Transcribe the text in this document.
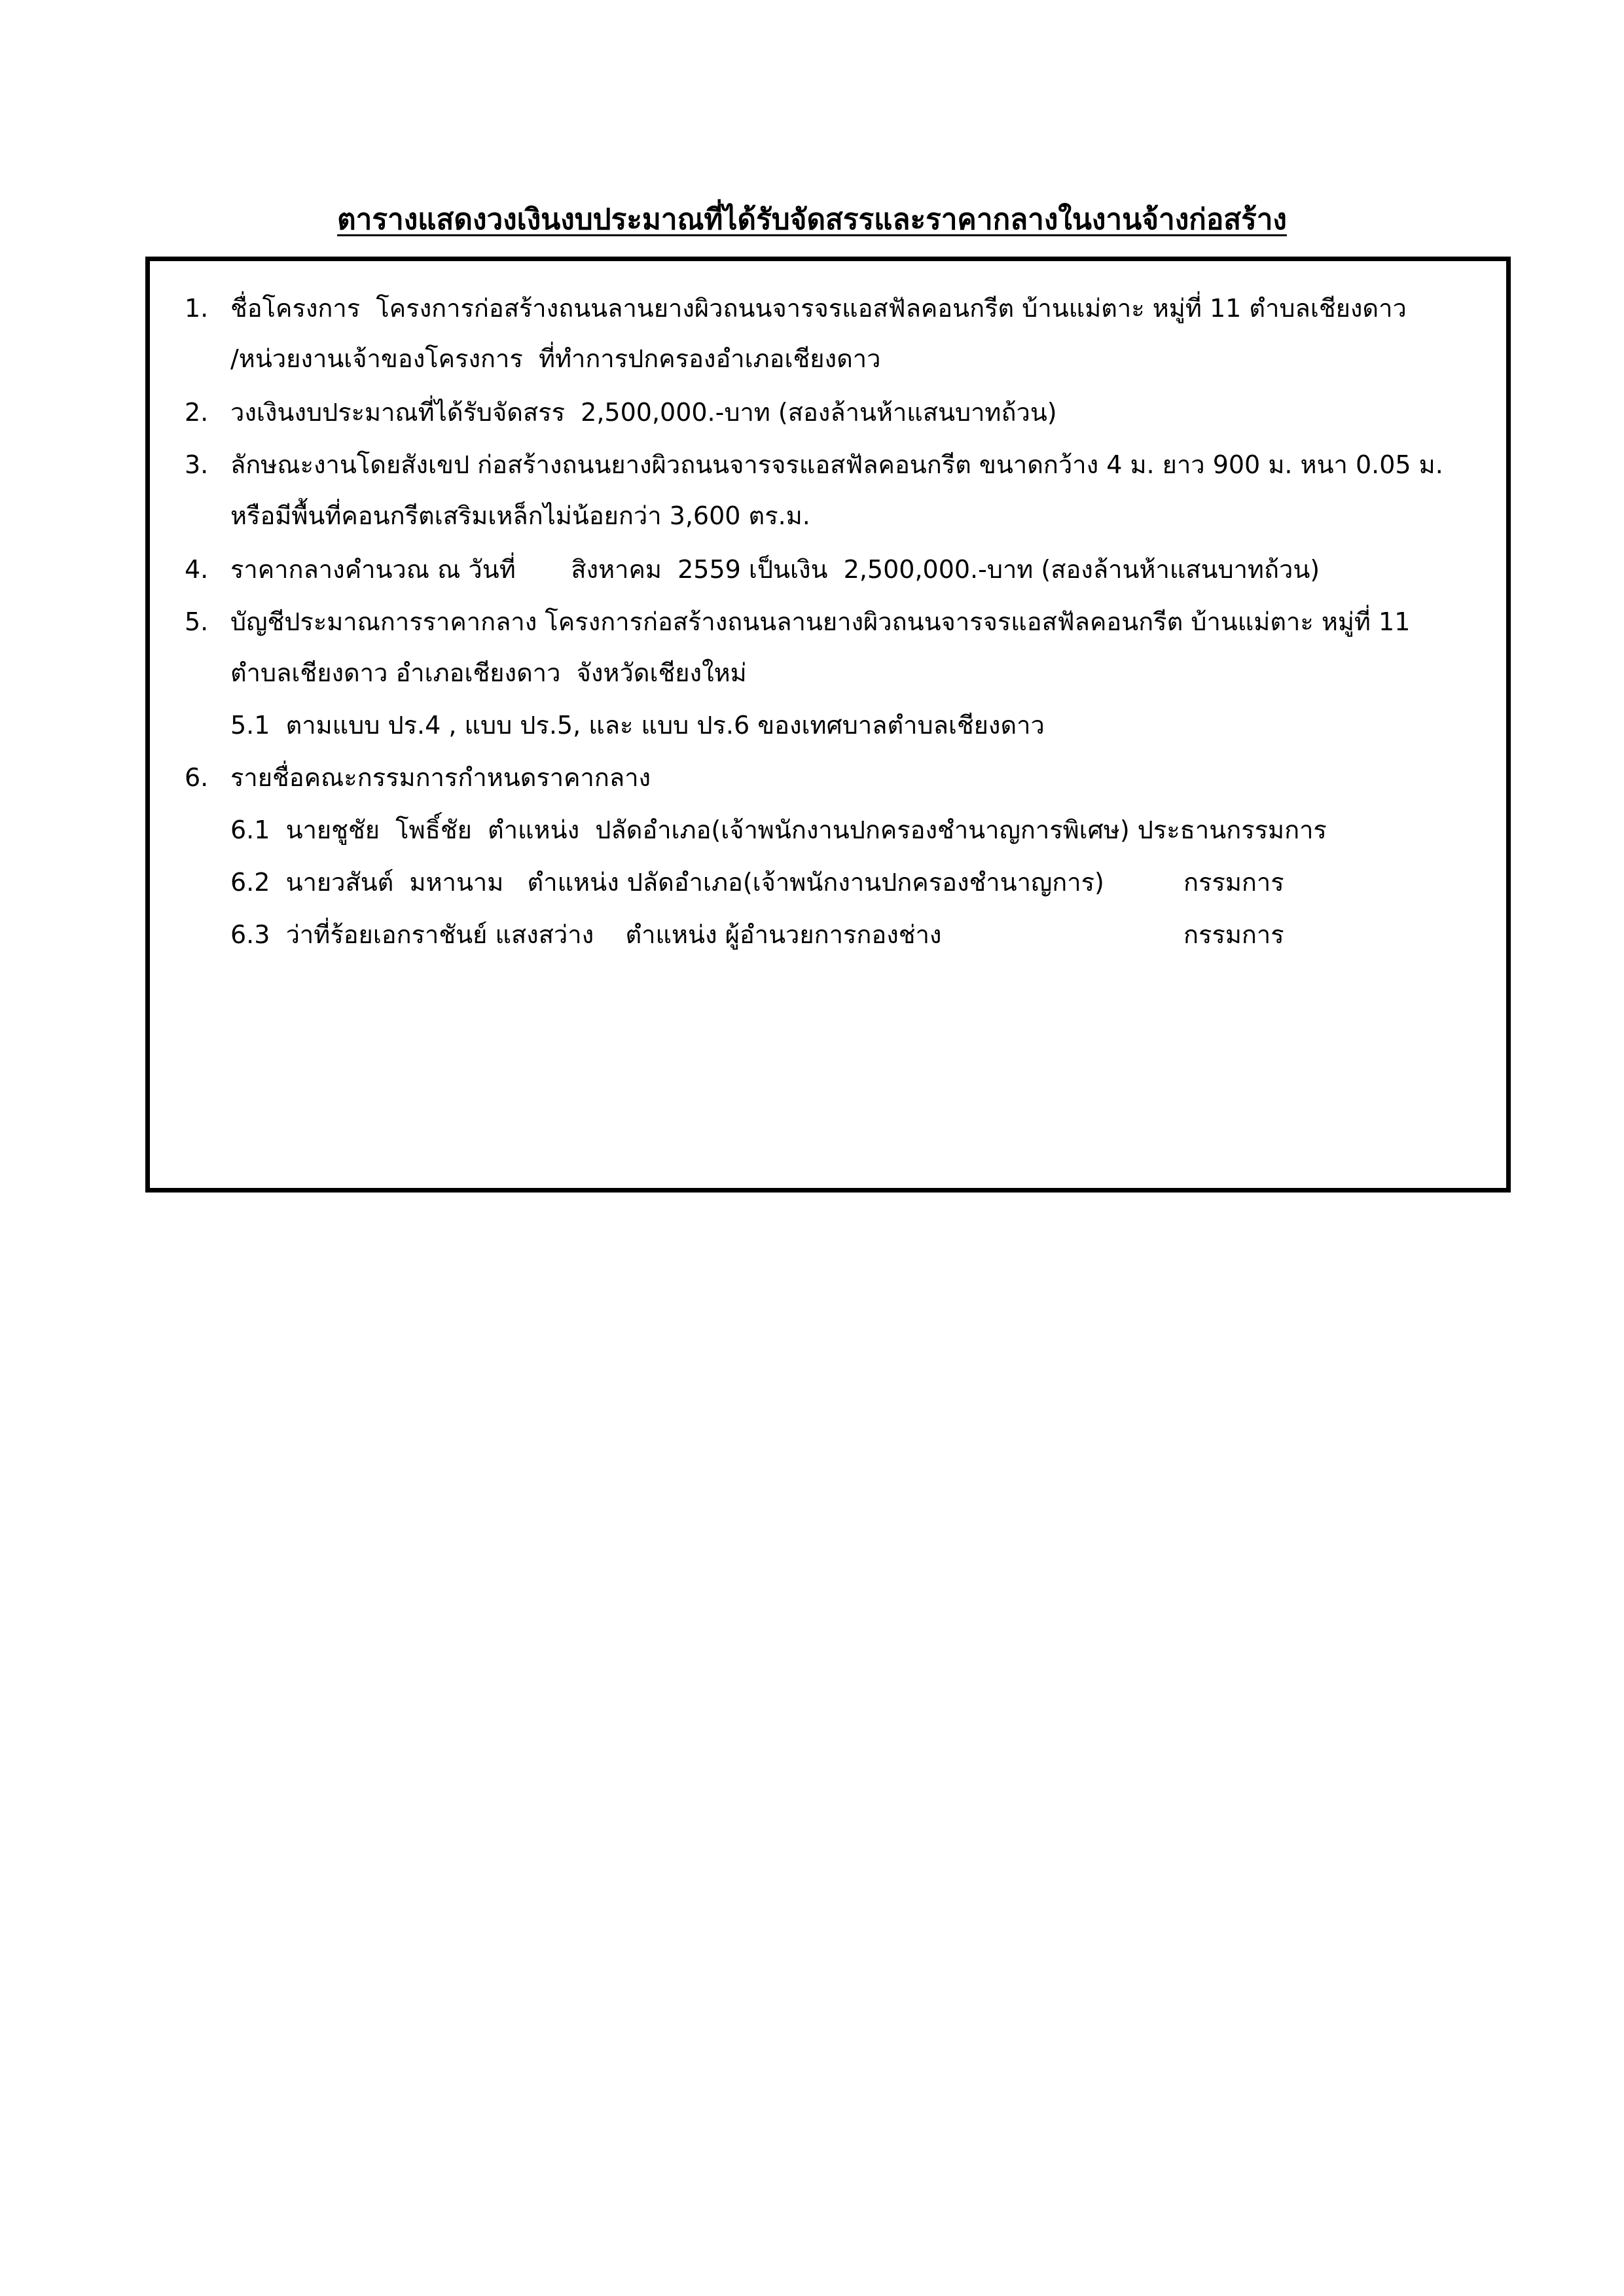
ตารางแสดงวงเงินงบประมาณที่ได้รับจัดสรรและราคากลางในงานจ้างก่อสร้าง
1. ชื่อโครงการ  โครงการก่อสร้างถนนลานยางผิวถนนจารจรแอสฟัลคอนกรีต บ้านแม่ตาะ หมู่ที่ 11 ตำบลเชียงดาว
/หน่วยงานเจ้าของโครงการ  ที่ทำการปกครองอำเภอเชียงดาว
2. วงเงินงบประมาณที่ได้รับจัดสรร  2,500,000.-บาท (สองล้านห้าแสนบาทถ้วน)
3. ลักษณะงานโดยสังเขป ก่อสร้างถนนยางผิวถนนจารจรแอสฟัลคอนกรีต ขนาดกว้าง 4 ม. ยาว 900 ม. หนา 0.05 ม.
หรือมีพื้นที่คอนกรีตเสริมเหล็กไม่น้อยกว่า 3,600 ตร.ม.
4. ราคากลางคำนวณ ณ วันที่       สิงหาคม  2559 เป็นเงิน  2,500,000.-บาท (สองล้านห้าแสนบาทถ้วน)
5. บัญชีประมาณการราคากลาง โครงการก่อสร้างถนนลานยางผิวถนนจารจรแอสฟัลคอนกรีต บ้านแม่ตาะ หมู่ที่ 11
ตำบลเชียงดาว อำเภอเชียงดาว  จังหวัดเชียงใหม่
5.1  ตามแบบ ปร.4 , แบบ ปร.5, และ แบบ ปร.6 ของเทศบาลตำบลเชียงดาว
6. รายชื่อคณะกรรมการกำหนดราคากลาง
6.1  นายชูชัย  โพธิ์ชัย  ตำแหน่ง  ปลัดอำเภอ(เจ้าพนักงานปกครองชำนาญการพิเศษ) ประธานกรรมการ
6.2  นายวสันต์  มหานาม   ตำแหน่ง ปลัดอำเภอ(เจ้าพนักงานปกครองชำนาญการ)	กรรมการ
6.3  ว่าที่ร้อยเอกราชันย์ แสงสว่าง    ตำแหน่ง ผู้อำนวยการกองช่าง	กรรมการ
